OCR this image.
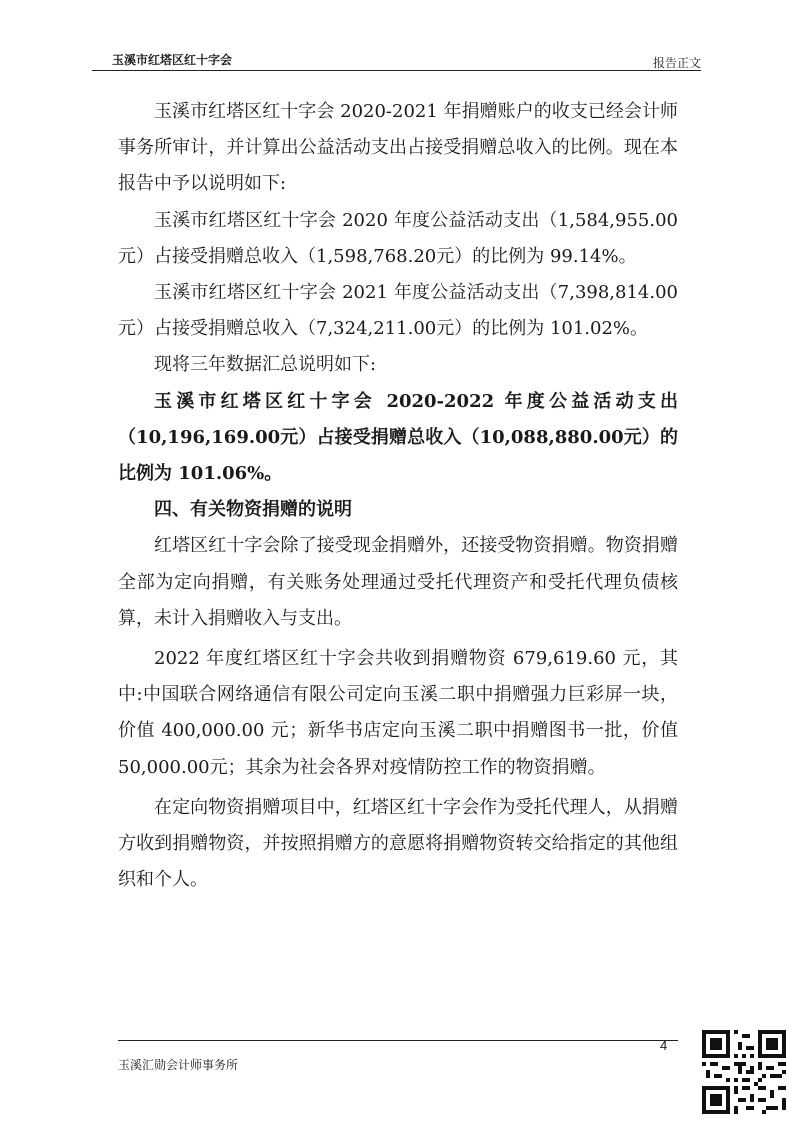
玉溪市红塔区红十字会	报告正文

玉溪市红塔区红十字会 2020-2021 年捐赠账户的收支已经会计师事务所审计，并计算出公益活动支出占接受捐赠总收入的比例。现在本报告中予以说明如下:

玉溪市红塔区红十字会 2020 年度公益活动支出（1,584,955.00元）占接受捐赠总收入（1,598,768.20元）的比例为 99.14%。

玉溪市红塔区红十字会 2021 年度公益活动支出（7,398,814.00元）占接受捐赠总收入（7,324,211.00元）的比例为 101.02%。

现将三年数据汇总说明如下:

玉溪市红塔区红十字会 2020-2022 年度公益活动支出（10,196,169.00元）占接受捐赠总收入（10,088,880.00元）的比例为 101.06%。

四、有关物资捐赠的说明

红塔区红十字会除了接受现金捐赠外，还接受物资捐赠。物资捐赠全部为定向捐赠，有关账务处理通过受托代理资产和受托代理负债核算，未计入捐赠收入与支出。

2022 年度红塔区红十字会共收到捐赠物资 679,619.60 元，其中:中国联合网络通信有限公司定向玉溪二职中捐赠强力巨彩屏一块，价值 400,000.00 元；新华书店定向玉溪二职中捐赠图书一批，价值50,000.00元；其余为社会各界对疫情防控工作的物资捐赠。

在定向物资捐赠项目中，红塔区红十字会作为受托代理人，从捐赠方收到捐赠物资，并按照捐赠方的意愿将捐赠物资转交给指定的其他组织和个人。

4
玉溪汇勋会计师事务所
